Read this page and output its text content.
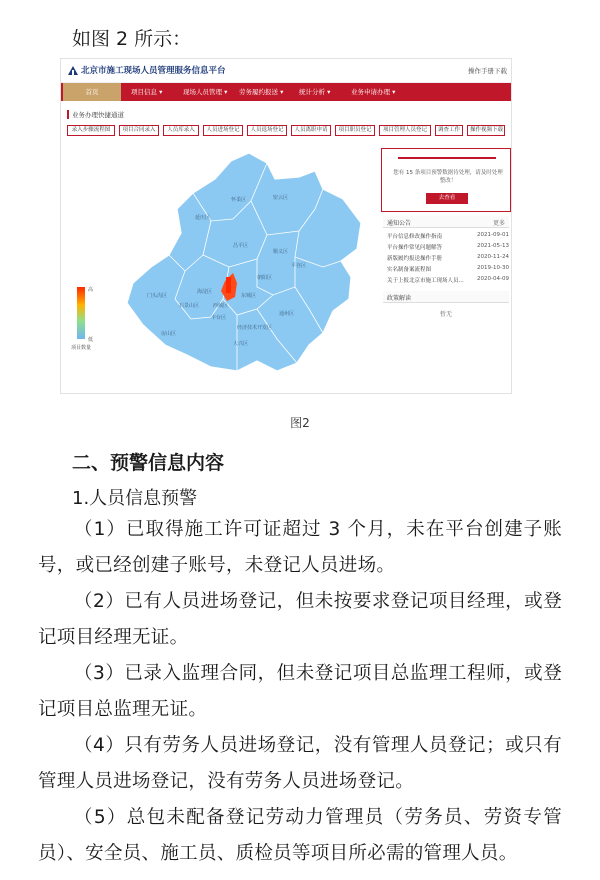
如图 2 所示：
北京市施工现场人员管理服务信息平台	操作手册下载
首页	项目信息 ▾	现场人员管理 ▾ 劳务履约报送 ▾ 统计分析 ▾	业务申请办理 ▾
业务办理快捷通道
录入步骤流程图	项目合同录入	人员库录入	人员进场登记	人员退场登记	人员离职申请	项目职员登记	项目管理人员登记	调查工作	操作视频下载
高
低
项目数量
延庆区
怀柔区	密云区
昌平区
平谷区
顺义区
门头沟区
海淀区
朝阳区
石景山区	西城区
东城区
丰台区
通州区
房山区
大兴区
经济技术开发区
您有 15 条项目预警数据待处理，请及时处理整改！
去查看
通知公告	更多
平台信息修改操作指南	2021-09-01
平台操作常见问题解答	2021-05-13
新版履约报送操作手册	2020-11-24
实名制备案流程图	2019-10-30
关于上报北京市施工现场人员... 2020-04-09
政策解读
暂无
图2
二、预警信息内容
1.人员信息预警

（1）已取得施工许可证超过 3 个月，未在平台创建子账号，或已经创建子账号，未登记人员进场。

（2）已有人员进场登记，但未按要求登记项目经理，或登记项目经理无证。

（3）已录入监理合同，但未登记项目总监理工程师，或登记项目总监理无证。

（4）只有劳务人员进场登记，没有管理人员登记；或只有管理人员进场登记，没有劳务人员进场登记。

（5）总包未配备登记劳动力管理员（劳务员、劳资专管员）、安全员、施工员、质检员等项目所必需的管理人员。
